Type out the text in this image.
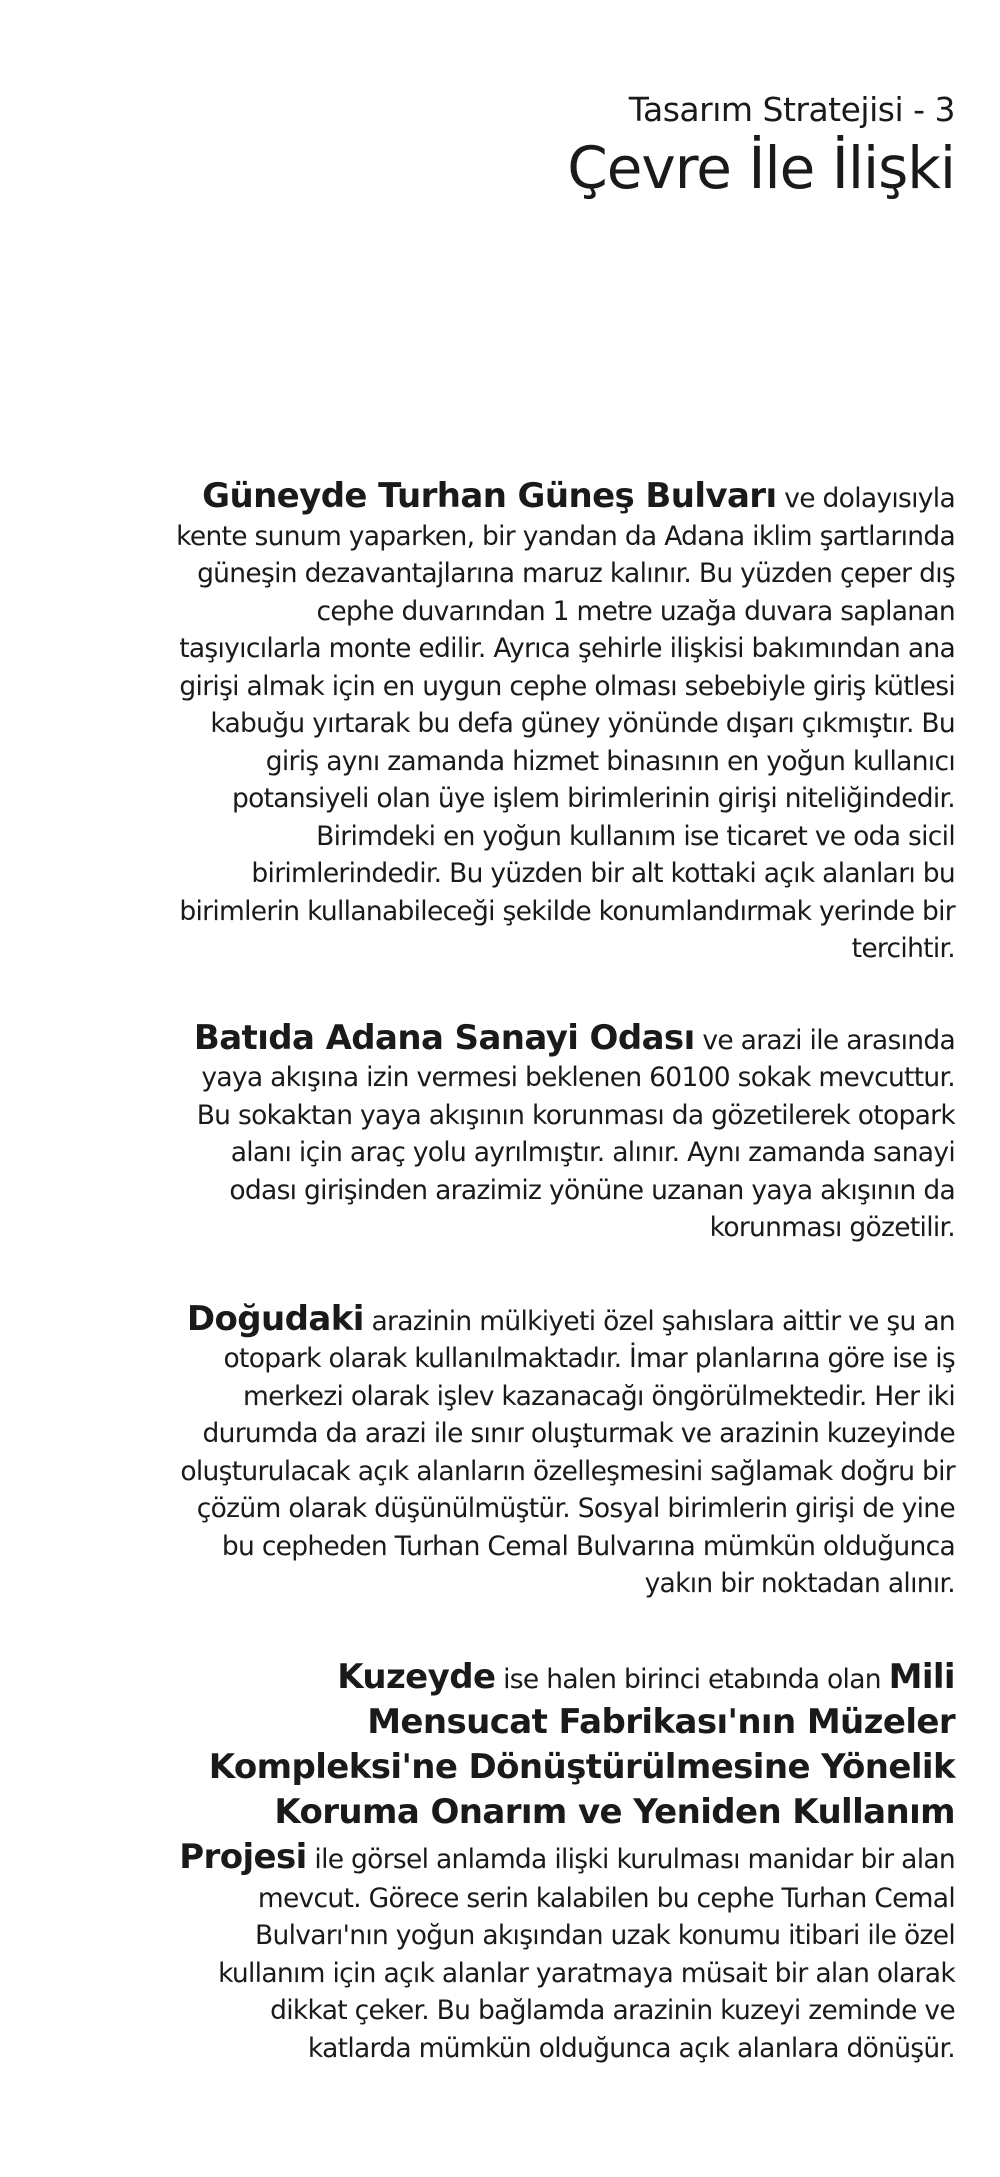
Tasarım Stratejisi - 3
Çevre İle İlişki

Güneyde Turhan Güneş Bulvarı ve dolayısıyla kente sunum yaparken, bir yandan da Adana iklim şartlarında güneşin dezavantajlarına maruz kalınır. Bu yüzden çeper dış cephe duvarından 1 metre uzağa duvara saplanan taşıyıcılarla monte edilir. Ayrıca şehirle ilişkisi bakımından ana girişi almak için en uygun cephe olması sebebiyle giriş kütlesi kabuğu yırtarak bu defa güney yönünde dışarı çıkmıştır. Bu giriş aynı zamanda hizmet binasının en yoğun kullanıcı potansiyeli olan üye işlem birimlerinin girişi niteliğindedir. Birimdeki en yoğun kullanım ise ticaret ve oda sicil birimlerindedir. Bu yüzden bir alt kottaki açık alanları bu birimlerin kullanabileceği şekilde konumlandırmak yerinde bir tercihtir.

Batıda Adana Sanayi Odası ve arazi ile arasında yaya akışına izin vermesi beklenen 60100 sokak mevcuttur. Bu sokaktan yaya akışının korunması da gözetilerek otopark alanı için araç yolu ayrılmıştır. alınır. Aynı zamanda sanayi odası girişinden arazimiz yönüne uzanan yaya akışının da korunması gözetilir.

Doğudaki arazinin mülkiyeti özel şahıslara aittir ve şu an otopark olarak kullanılmaktadır. İmar planlarına göre ise iş merkezi olarak işlev kazanacağı öngörülmektedir. Her iki durumda da arazi ile sınır oluşturmak ve arazinin kuzeyinde oluşturulacak açık alanların özelleşmesini sağlamak doğru bir çözüm olarak düşünülmüştür. Sosyal birimlerin girişi de yine bu cepheden Turhan Cemal Bulvarına mümkün olduğunca yakın bir noktadan alınır.

Kuzeyde ise halen birinci etabında olan Mili Mensucat Fabrikası'nın Müzeler Kompleksi'ne Dönüştürülmesine Yönelik Koruma Onarım ve Yeniden Kullanım Projesi ile görsel anlamda ilişki kurulması manidar bir alan mevcut. Görece serin kalabilen bu cephe Turhan Cemal Bulvarı'nın yoğun akışından uzak konumu itibari ile özel kullanım için açık alanlar yaratmaya müsait bir alan olarak dikkat çeker. Bu bağlamda arazinin kuzeyi zeminde ve katlarda mümkün olduğunca açık alanlara dönüşür.
